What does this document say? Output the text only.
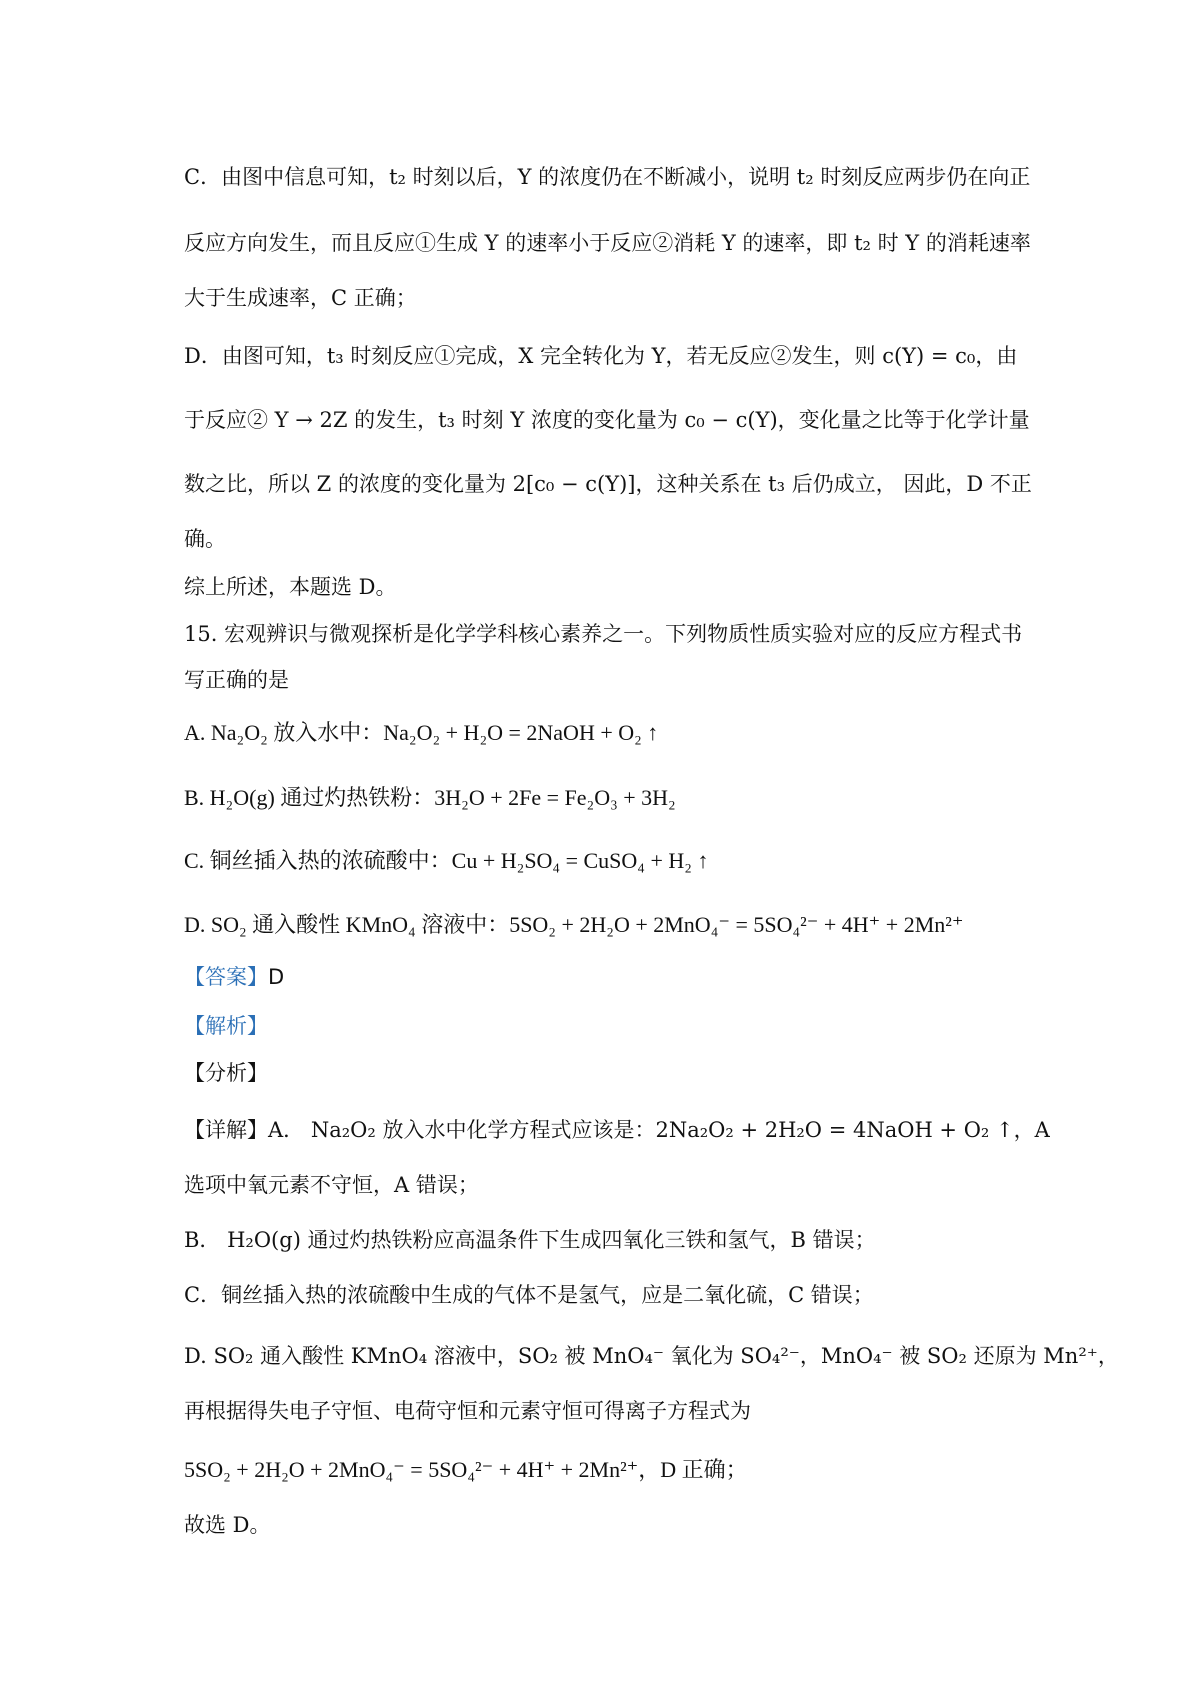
C．由图中信息可知，t₂ 时刻以后，Y 的浓度仍在不断减小，说明 t₂ 时刻反应两步仍在向正
反应方向发生，而且反应①生成 Y 的速率小于反应②消耗 Y 的速率，即 t₂ 时 Y 的消耗速率
大于生成速率，C 正确；
D．由图可知，t₃ 时刻反应①完成，X 完全转化为 Y，若无反应②发生，则 c(Y) = c₀，由
于反应② Y → 2Z 的发生，t₃ 时刻 Y 浓度的变化量为 c₀ − c(Y)，变化量之比等于化学计量
数之比，所以 Z 的浓度的变化量为 2[c₀ − c(Y)]，这种关系在 t₃ 后仍成立， 因此，D 不正
确。
综上所述，本题选 D。
15. 宏观辨识与微观探析是化学学科核心素养之一。下列物质性质实验对应的反应方程式书
写正确的是
A. Na₂O₂ 放入水中：Na₂O₂ + H₂O = 2NaOH + O₂ ↑
B. H₂O(g) 通过灼热铁粉：3H₂O + 2Fe = Fe₂O₃ + 3H₂
C. 铜丝插入热的浓硫酸中：Cu + H₂SO₄ = CuSO₄ + H₂ ↑
D. SO₂ 通入酸性 KMnO₄ 溶液中：5SO₂ + 2H₂O + 2MnO₄⁻ = 5SO₄²⁻ + 4H⁺ + 2Mn²⁺
【答案】D
【解析】
【分析】
【详解】A． Na₂O₂ 放入水中化学方程式应该是：2Na₂O₂ + 2H₂O = 4NaOH + O₂ ↑，A
选项中氧元素不守恒，A 错误；
B． H₂O(g) 通过灼热铁粉应高温条件下生成四氧化三铁和氢气，B 错误；
C．铜丝插入热的浓硫酸中生成的气体不是氢气，应是二氧化硫，C 错误；
D. SO₂ 通入酸性 KMnO₄ 溶液中，SO₂ 被 MnO₄⁻ 氧化为 SO₄²⁻，MnO₄⁻ 被 SO₂ 还原为 Mn²⁺，
再根据得失电子守恒、电荷守恒和元素守恒可得离子方程式为
5SO₂ + 2H₂O + 2MnO₄⁻ = 5SO₄²⁻ + 4H⁺ + 2Mn²⁺，D 正确；
故选 D。
